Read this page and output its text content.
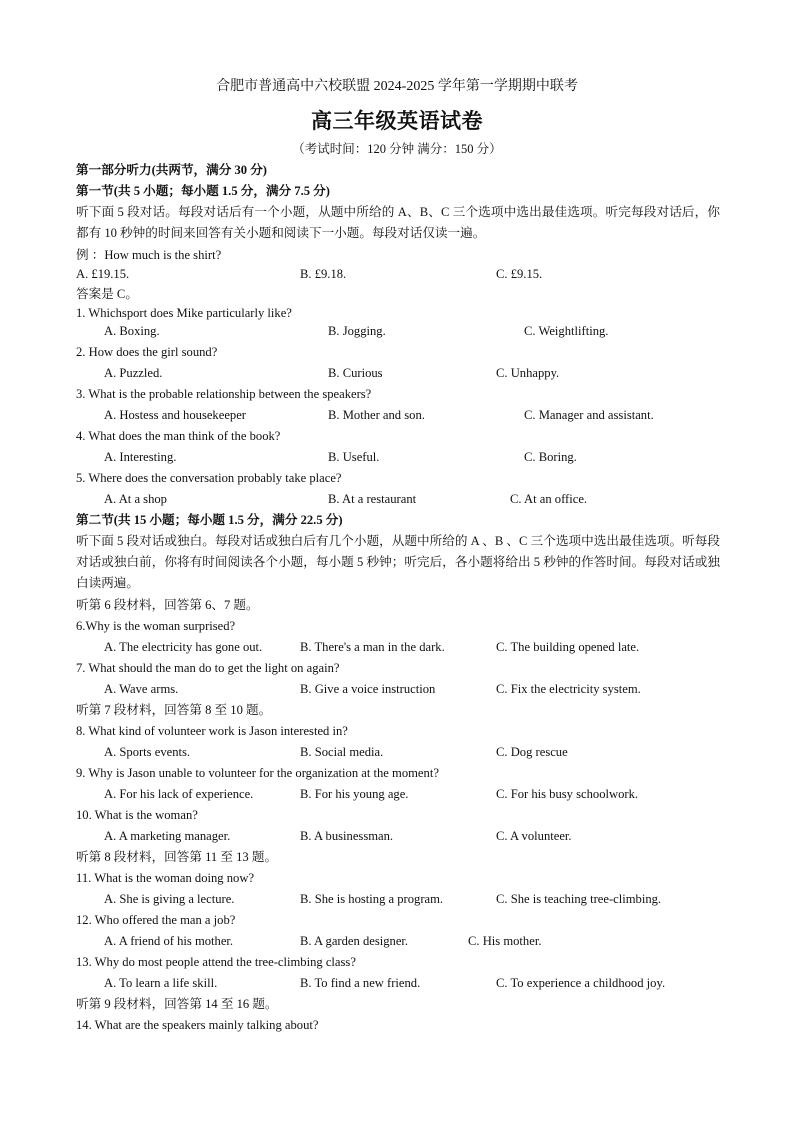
合肥市普通高中六校联盟 2024-2025 学年第一学期期中联考
高三年级英语试卷
（考试时间：120 分钟 满分：150 分）
第一部分听力(共两节，满分 30 分)
第一节(共 5 小题；每小题 1.5 分，满分 7.5 分)
听下面 5 段对话。每段对话后有一个小题，从题中所给的 A、B、C 三个选项中选出最佳选项。听完每段对话后，你都有 10 秒钟的时间来回答有关小题和阅读下一小题。每段对话仅读一遍。
例 ：How much is the shirt?
A. £19.15.	B. £9.18.	C. £9.15.
答案是 C。
1. Whichsport does Mike particularly like?
A. Boxing.	B. Jogging.	C. Weightlifting.
2. How does the girl sound?
A. Puzzled.	B. Curious	C. Unhappy.
3. What is the probable relationship between the speakers?
A. Hostess and housekeeper	B. Mother and son.	C. Manager and assistant.
4. What does the man think of the book?
A. Interesting.	B. Useful.	C. Boring.
5. Where does the conversation probably take place?
A. At a shop	B. At a restaurant	C. At an office.
第二节(共 15 小题；每小题 1.5 分，满分 22.5 分)
听下面 5 段对话或独白。每段对话或独白后有几个小题，从题中所给的 A 、B 、C 三个选项中选出最佳选项。听每段对话或独白前，你将有时间阅读各个小题，每小题 5 秒钟；听完后，各小题将给出 5 秒钟的作答时间。每段对话或独白读两遍。
听第 6 段材料，回答第 6、7 题。
6.Why is the woman surprised?
A. The electricity has gone out.	B. There's a man in the dark.	C. The building opened late.
7. What should the man do to get the light on again?
A. Wave arms.	B. Give a voice instruction	C. Fix the electricity system.
听第 7 段材料，回答第 8 至 10 题。
8. What kind of volunteer work is Jason interested in?
A. Sports events.	B. Social media.	C. Dog rescue
9. Why is Jason unable to volunteer for the organization at the moment?
A. For his lack of experience.	B. For his young age.	C. For his busy schoolwork.
10. What is the woman?
A. A marketing manager.	B. A businessman.	C. A volunteer.
听第 8 段材料，回答第 11 至 13 题。
11. What is the woman doing now?
A. She is giving a lecture.	B. She is hosting a program.	C. She is teaching tree-climbing.
12. Who offered the man a job?
A. A friend of his mother.	B. A garden designer.	C. His mother.
13. Why do most people attend the tree-climbing class?
A. To learn a life skill.	B. To find a new friend.	C. To experience a childhood joy.
听第 9 段材料，回答第 14 至 16 题。
14. What are the speakers mainly talking about?
